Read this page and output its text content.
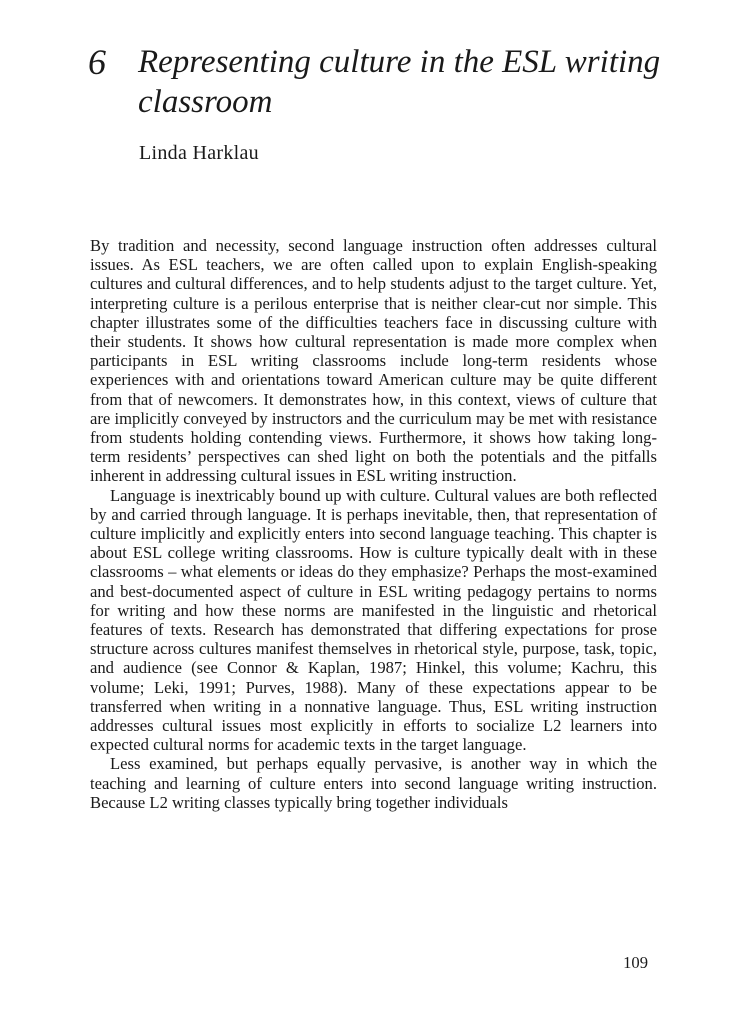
6 Representing culture in the ESL writing classroom
Linda Harklau

By tradition and necessity, second language instruction often addresses cultural issues. As ESL teachers, we are often called upon to explain English-​speaking cultures and cultural differences, and to help students adjust to the target culture. Yet, interpreting culture is a perilous enterprise that is neither clear-cut nor simple. This chapter illustrates some of the difficulties teachers face in discussing culture with their students. It shows how cultural representation is made more complex when participants in ESL writing classrooms include long-term residents whose experiences with and orientations toward American culture may be quite different from that of newcomers. It demonstrates how, in this context, views of culture that are implicitly conveyed by instructors and the curriculum may be met with resistance from students holding contending views. Furthermore, it shows how taking long-term residents’ perspectives can shed light on both the potentials and the pitfalls inherent in addressing cultural issues in ESL writing instruction.

Language is inextricably bound up with culture. Cultural values are both reflected by and carried through language. It is perhaps inevitable, then, that representation of culture implicitly and explicitly enters into second language teaching. This chapter is about ESL college writing classrooms. How is culture typically dealt with in these classrooms – what elements or ideas do they emphasize? Perhaps the most-examined and best-documented aspect of culture in ESL writing pedagogy pertains to norms for writing and how these norms are manifested in the linguistic and rhetorical features of texts. Research has demonstrated that differing expectations for prose structure across cultures manifest themselves in rhetorical style, purpose, task, topic, and audience (see Connor & Kaplan, 1987; Hinkel, this volume; Kachru, this volume; Leki, 1991; Purves, 1988). Many of these expectations appear to be transferred when writing in a nonnative language. Thus, ESL writing instruction addresses cultural issues most explicitly in efforts to socialize L2 learners into expected cultural norms for academic texts in the target language.

Less examined, but perhaps equally pervasive, is another way in which the teaching and learning of culture enters into second language writing instruction. Because L2 writing classes typically bring together individuals

109
